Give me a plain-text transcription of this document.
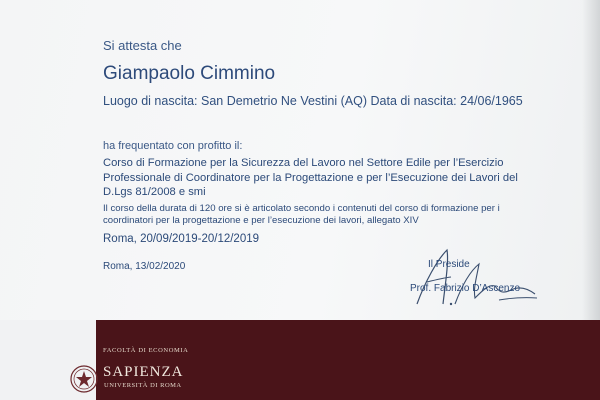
Si attesta che
Giampaolo Cimmino
Luogo di nascita: San Demetrio Ne Vestini (AQ) Data di nascita: 24/06/1965
ha frequentato con profitto il:
Corso di Formazione per la Sicurezza del Lavoro nel Settore Edile per l’Esercizio
Professionale di Coordinatore per la Progettazione e per l’Esecuzione dei Lavori del
D.Lgs 81/2008 e smi
Il corso della durata di 120 ore si è articolato secondo i contenuti del corso di formazione per i
coordinatori per la progettazione e per l’esecuzione dei lavori, allegato XIV
Roma, 20/09/2019-20/12/2019
Roma, 13/02/2020	Il Preside
Prof. Fabrizio D’Ascenzo
FACOLTÀ DI ECONOMIA
SAPIENZA
UNIVERSITÀ DI ROMA
